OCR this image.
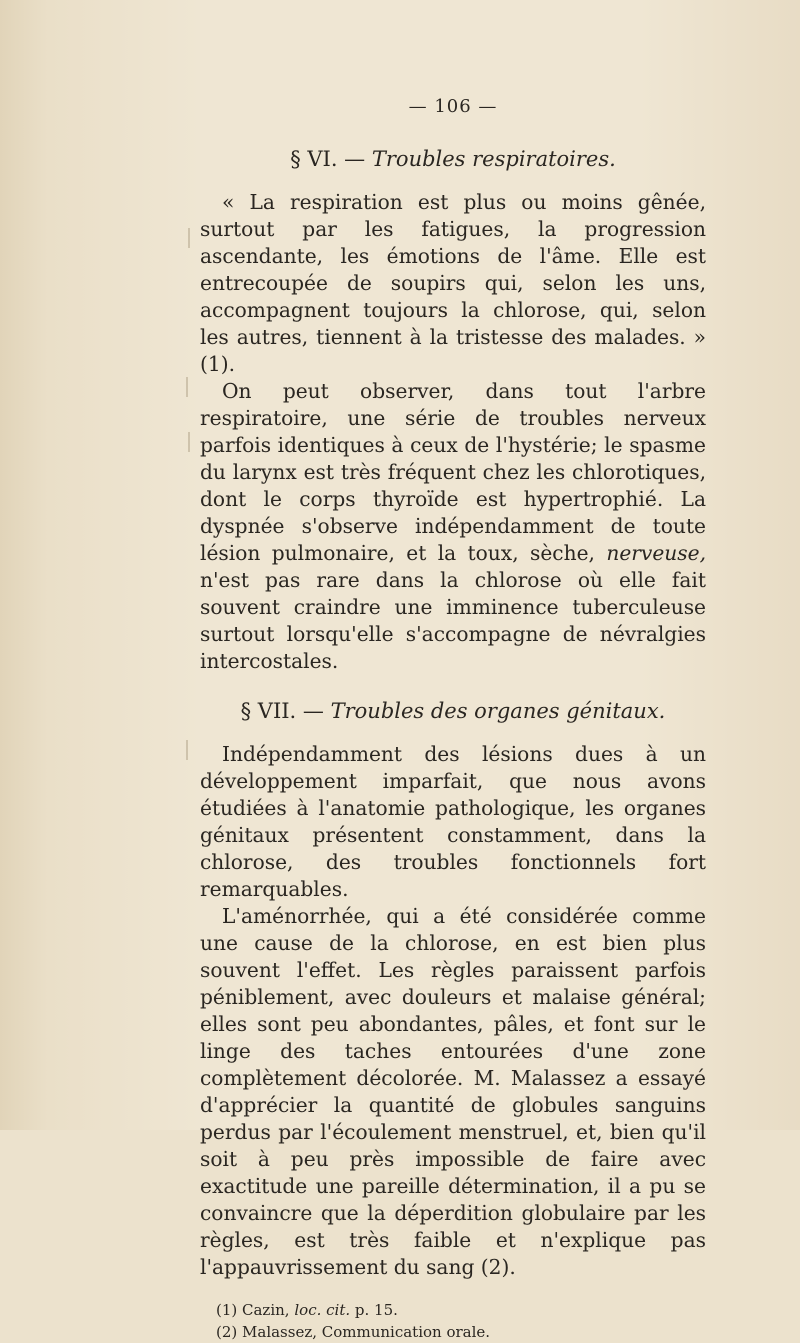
— 106 —
§ VI. — Troubles respiratoires.

« La respiration est plus ou moins gênée, surtout par les fatigues, la progression ascendante, les émotions de l'âme. Elle est entrecoupée de soupirs qui, selon les uns, accompagnent toujours la chlorose, qui, selon les autres, tiennent à la tristesse des malades. » (1).

On peut observer, dans tout l'arbre respiratoire, une série de troubles nerveux parfois identiques à ceux de l'hystérie; le spasme du larynx est très fréquent chez les chlorotiques, dont le corps thyroïde est hypertrophié. La dyspnée s'observe indépendamment de toute lésion pulmonaire, et la toux, sèche, nerveuse, n'est pas rare dans la chlorose où elle fait souvent craindre une imminence tuberculeuse surtout lorsqu'elle s'accompagne de névralgies intercostales.

§ VII. — Troubles des organes génitaux.

Indépendamment des lésions dues à un développement imparfait, que nous avons étudiées à l'anatomie pathologique, les organes génitaux présentent constamment, dans la chlorose, des troubles fonctionnels fort remarquables.

L'aménorrhée, qui a été considérée comme une cause de la chlorose, en est bien plus souvent l'effet. Les règles paraissent parfois péniblement, avec douleurs et malaise général; elles sont peu abondantes, pâles, et font sur le linge des taches entourées d'une zone complètement décolorée. M. Malassez a essayé d'apprécier la quantité de globules sanguins perdus par l'écoulement menstruel, et, bien qu'il soit à peu près impossible de faire avec exactitude une pareille détermination, il a pu se convaincre que la déperdition globulaire par les règles, est très faible et n'explique pas l'appauvrissement du sang (2).

(1) Cazin, loc. cit. p. 15.
(2) Malassez, Communication orale.
